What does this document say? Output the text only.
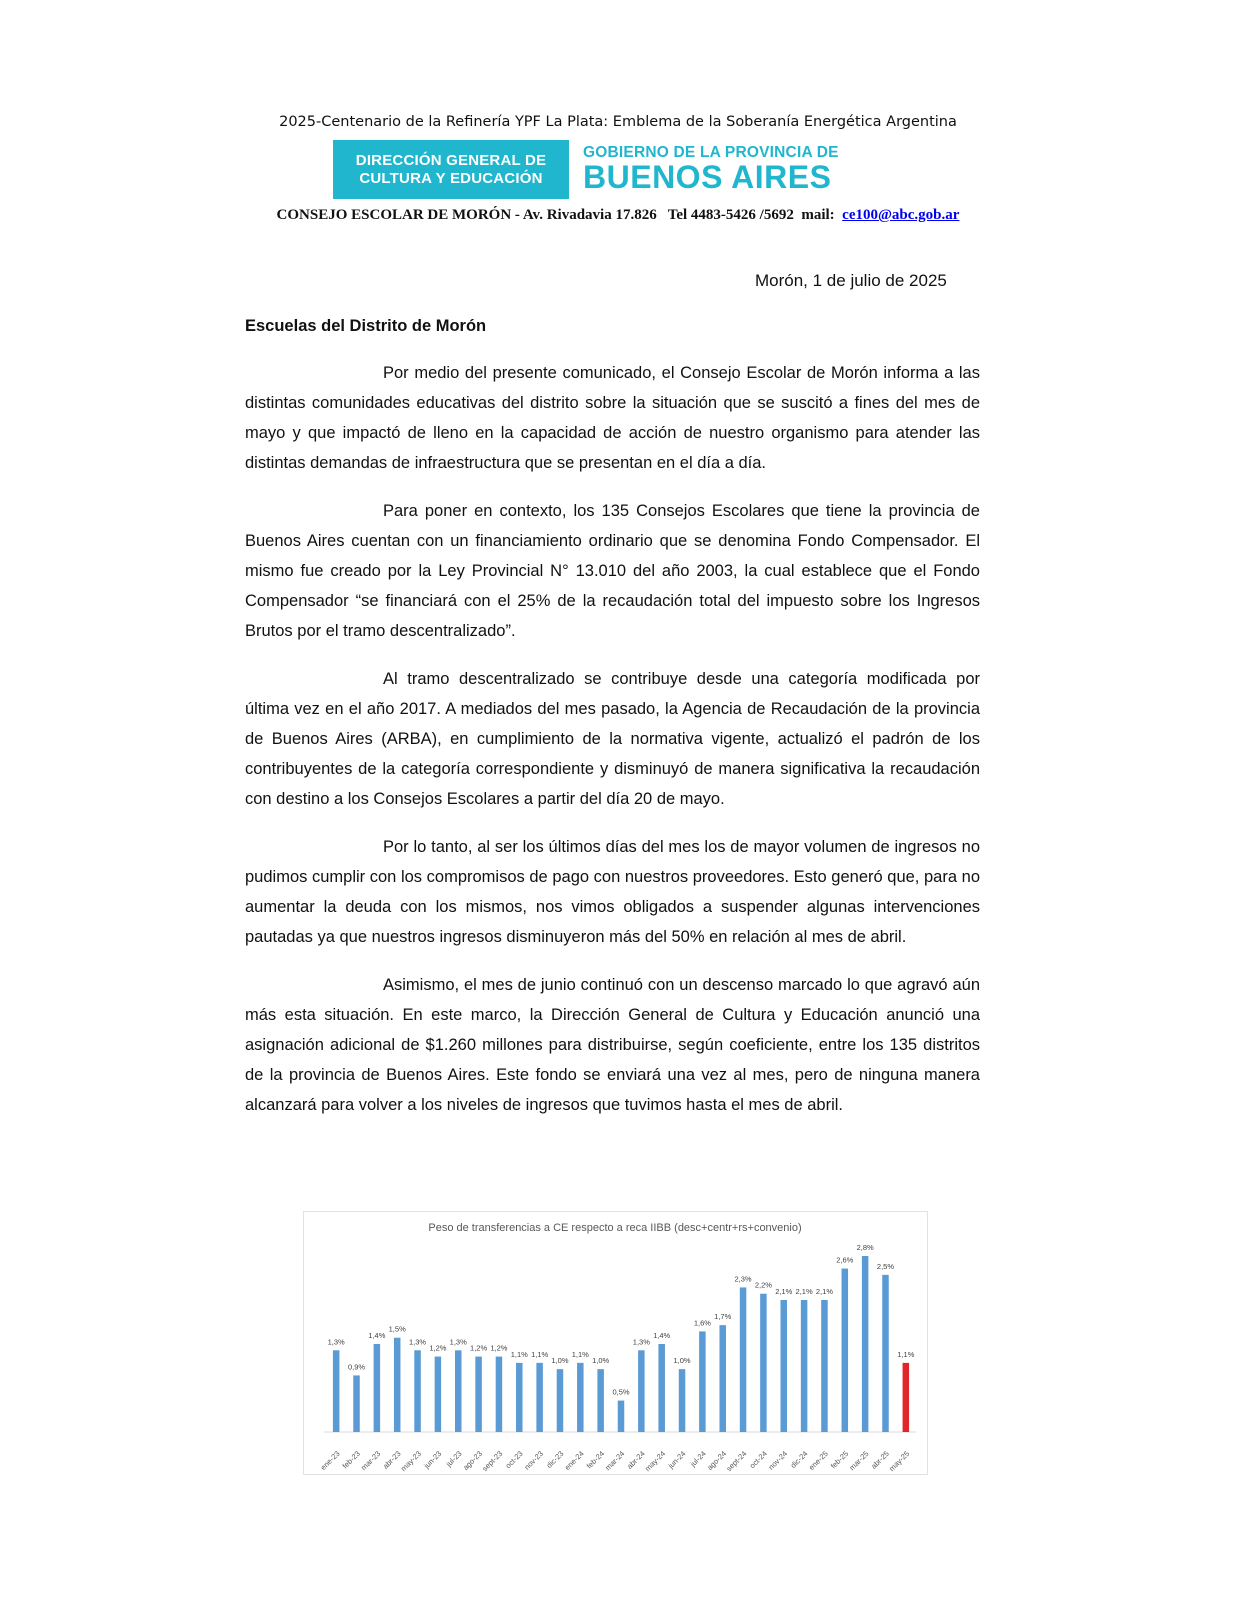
2025-Centenario de la Refinería YPF La Plata: Emblema de la Soberanía Energética Argentina
DIRECCIÓN GENERAL DE
CULTURA Y EDUCACIÓN
GOBIERNO DE LA PROVINCIA DE
BUENOS AIRES
CONSEJO ESCOLAR DE MORÓN - Av. Rivadavia 17.826   Tel 4483-5426 /5692  mail:  ce100@abc.gob.ar
Morón, 1 de julio de 2025
Escuelas del Distrito de Morón

Por medio del presente comunicado, el Consejo Escolar de Morón informa a las distintas comunidades educativas del distrito sobre la situación que se suscitó a fines del mes de mayo y que impactó de lleno en la capacidad de acción de nuestro organismo para atender las distintas demandas de infraestructura que se presentan en el día a día.

Para poner en contexto, los 135 Consejos Escolares que tiene la provincia de Buenos Aires cuentan con un financiamiento ordinario que se denomina Fondo Compensador. El mismo fue creado por la Ley Provincial N° 13.010 del año 2003, la cual establece que el Fondo Compensador “se financiará con el 25% de la recaudación total del impuesto sobre los Ingresos Brutos por el tramo descentralizado”.

Al tramo descentralizado se contribuye desde una categoría modificada por última vez en el año 2017. A mediados del mes pasado, la Agencia de Recaudación de la provincia de Buenos Aires (ARBA), en cumplimiento de la normativa vigente, actualizó el padrón de los contribuyentes de la categoría correspondiente y disminuyó de manera significativa la recaudación con destino a los Consejos Escolares a partir del día 20 de mayo.

Por lo tanto, al ser los últimos días del mes los de mayor volumen de ingresos no pudimos cumplir con los compromisos de pago con nuestros proveedores. Esto generó que, para no aumentar la deuda con los mismos, nos vimos obligados a suspender algunas intervenciones pautadas ya que nuestros ingresos disminuyeron más del 50% en relación al mes de abril.

Asimismo, el mes de junio continuó con un descenso marcado lo que agravó aún más esta situación. En este marco, la Dirección General de Cultura y Educación anunció una asignación adicional de $1.260 millones para distribuirse, según coeficiente, entre los 135 distritos de la provincia de Buenos Aires. Este fondo se enviará una vez al mes, pero de ninguna manera alcanzará para volver a los niveles de ingresos que tuvimos hasta el mes de abril.

Peso de transferencias a CE respecto a reca IIBB (desc+centr+rs+convenio)
1,3%
ene-23
0,9%
feb-23
1,4%
mar-23
1,5%
abr-23
1,3%
may-23
1,2%
jun-23
1,3%
jul-23
1,2%
ago-23
1,2%
sept-23
1,1%
oct-23
1,1%
nov-23
1,0%
dic-23
1,1%
ene-24
1,0%
feb-24
0,5%
mar-24
1,3%
abr-24
1,4%
may-24
1,0%
jun-24
1,6%
jul-24
1,7%
ago-24
2,3%
sept-24
2,2%
oct-24
2,1%
nov-24
2,1%
dic-24
2,1%
ene-25
2,6%
feb-25
2,8%
mar-25
2,5%
abr-25
1,1%
may-25
